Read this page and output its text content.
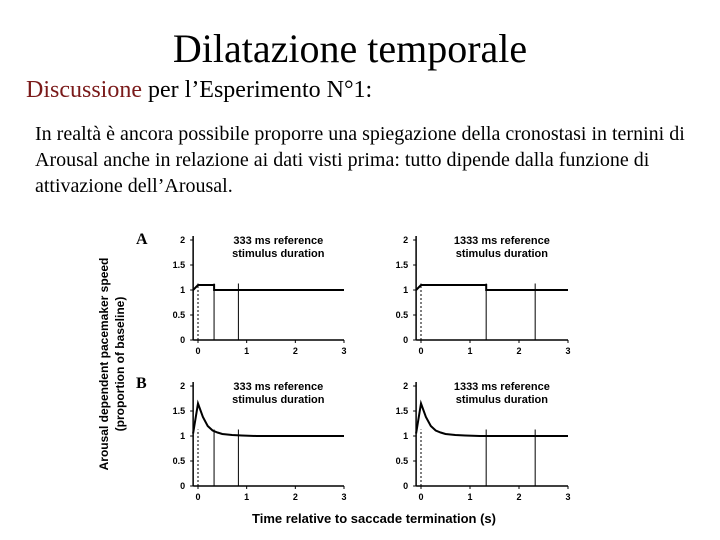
Dilatazione temporale
Discussione per l’Esperimento N°1:
In realtà è ancora possibile proporre una spiegazione della cronostasi in ternini di Arousal anche in relazione ai dati visti prima: tutto dipende dalla funzione di attivazione dell’Arousal.
Arousal dependent pacemaker speed (proportion of baseline)
A
B
Time relative to saccade termination (s)
0
0.5
1
1.5
2
0	1	2	3
333 ms reference
stimulus duration
0
0.5
1
1.5
2
0	1	2	3
1333 ms reference
stimulus duration
0
0.5
1
1.5
2
0	1	2	3
333 ms reference
stimulus duration
0
0.5
1
1.5
2
0	1	2	3
1333 ms reference
stimulus duration
